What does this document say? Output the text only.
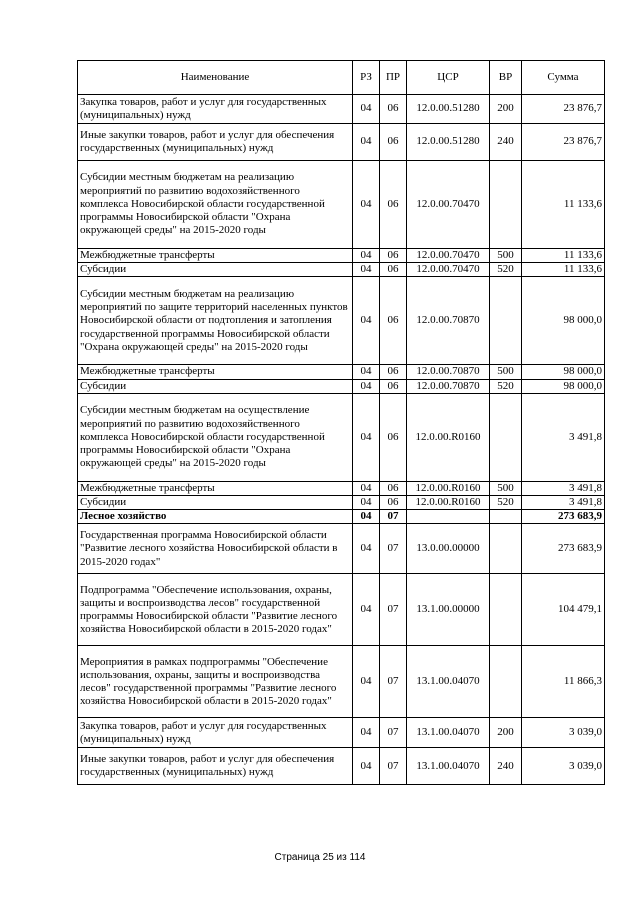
Наименование	РЗ	ПР	ЦСР	ВР	Сумма
Закупка товаров, работ и услуг для государственных (муниципальных) нужд	04	06	12.0.00.51280	200	23 876,7
Иные закупки товаров, работ и услуг для обеспечения государственных (муниципальных) нужд	04	06	12.0.00.51280	240	23 876,7
Субсидии местным бюджетам на реализацию мероприятий по развитию водохозяйственного комплекса Новосибирской области государственной программы Новосибирской области "Охрана окружающей среды" на 2015-2020 годы	04	06	12.0.00.70470		11 133,6
Межбюджетные трансферты	04	06	12.0.00.70470	500	11 133,6
Субсидии	04	06	12.0.00.70470	520	11 133,6
Субсидии местным бюджетам на реализацию мероприятий по защите территорий населенных пунктов Новосибирской области от подтопления и затопления государственной программы Новосибирской области "Охрана окружающей среды" на 2015-2020 годы	04	06	12.0.00.70870		98 000,0
Межбюджетные трансферты	04	06	12.0.00.70870	500	98 000,0
Субсидии	04	06	12.0.00.70870	520	98 000,0
Субсидии местным бюджетам на осуществление мероприятий по развитию водохозяйственного комплекса Новосибирской области государственной программы Новосибирской области "Охрана окружающей среды" на 2015-2020 годы	04	06	12.0.00.R0160		3 491,8
Межбюджетные трансферты	04	06	12.0.00.R0160	500	3 491,8
Субсидии	04	06	12.0.00.R0160	520	3 491,8
Лесное хозяйство	04	07			273 683,9
Государственная программа Новосибирской области "Развитие лесного хозяйства Новосибирской области в 2015-2020 годах"	04	07	13.0.00.00000		273 683,9
Подпрограмма "Обеспечение использования, охраны, защиты и воспроизводства лесов" государственной программы Новосибирской области "Развитие лесного хозяйства Новосибирской области в 2015-2020 годах"	04	07	13.1.00.00000		104 479,1
Мероприятия в рамках подпрограммы "Обеспечение использования, охраны, защиты и воспроизводства лесов" государственной программы "Развитие лесного хозяйства Новосибирской области в 2015-2020 годах"	04	07	13.1.00.04070		11 866,3
Закупка товаров, работ и услуг для государственных (муниципальных) нужд	04	07	13.1.00.04070	200	3 039,0
Иные закупки товаров, работ и услуг для обеспечения государственных (муниципальных) нужд	04	07	13.1.00.04070	240	3 039,0
Страница 25 из 114
